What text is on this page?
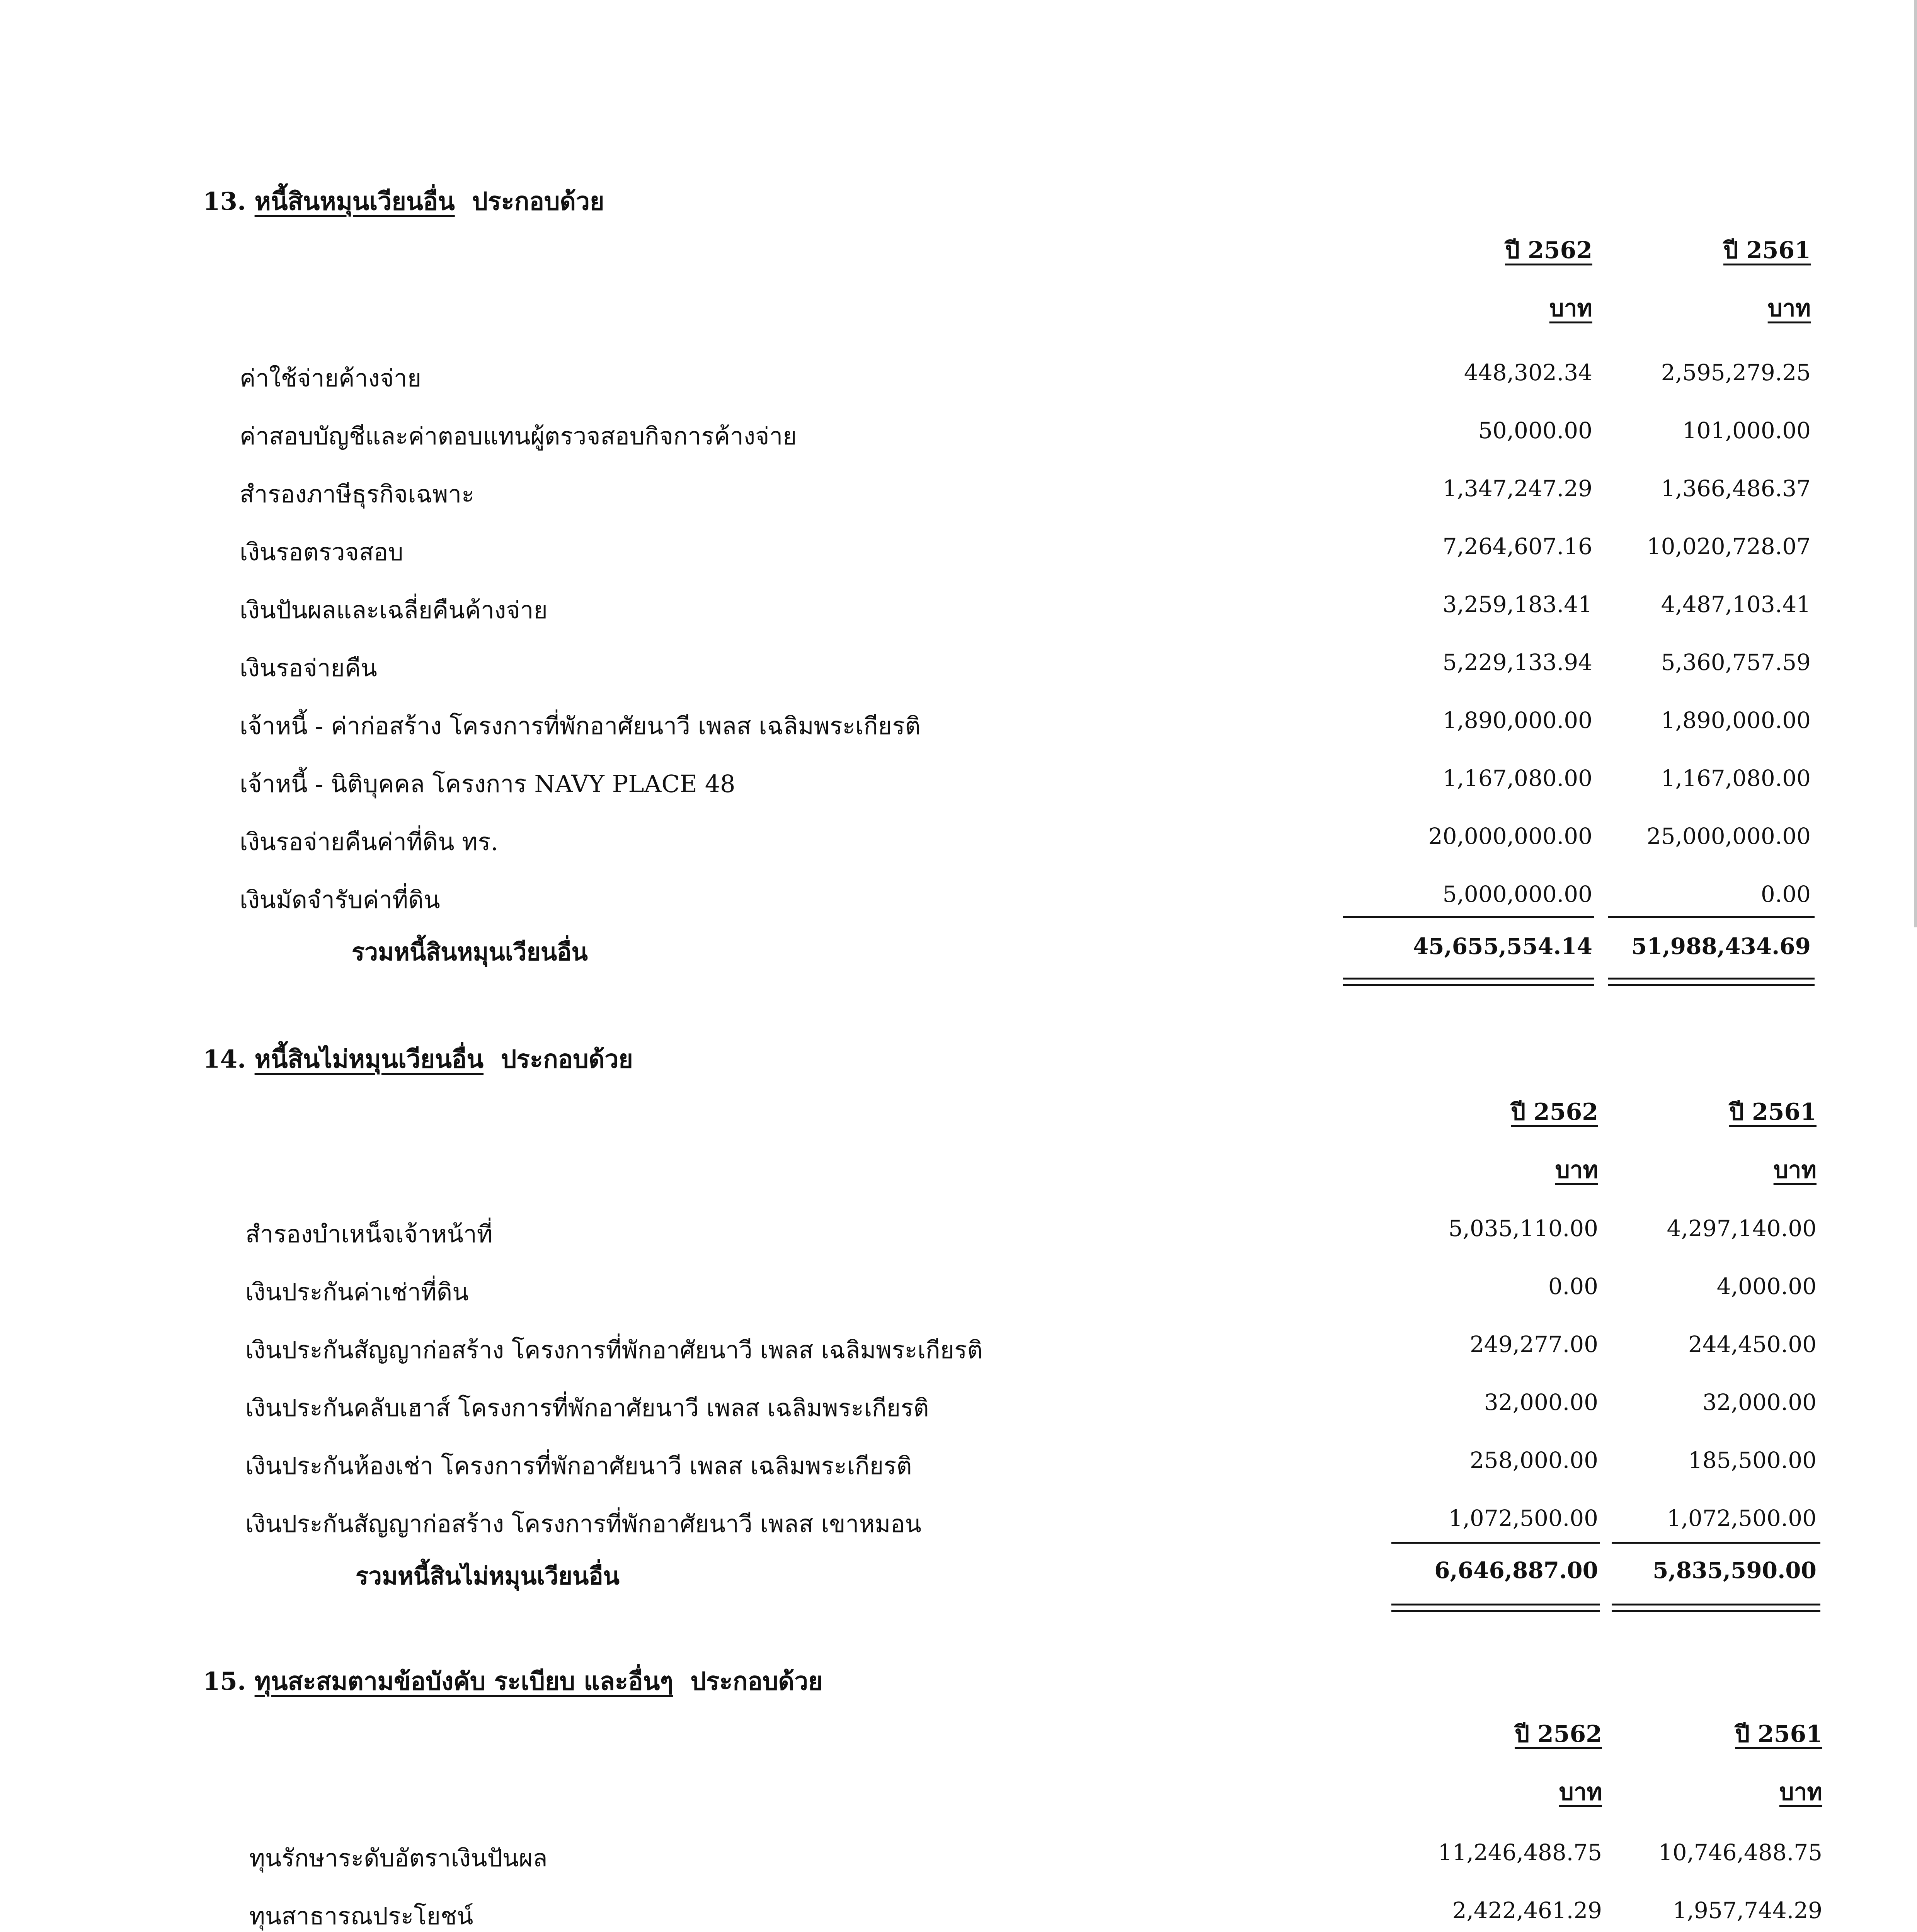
13. หนี้สินหมุนเวียนอื่น ประกอบด้วย
ปี 2562	ปี 2561
บาท	บาท
ค่าใช้จ่ายค้างจ่าย	448,302.34	2,595,279.25
ค่าสอบบัญชีและค่าตอบแทนผู้ตรวจสอบกิจการค้างจ่าย	50,000.00	101,000.00
สำรองภาษีธุรกิจเฉพาะ	1,347,247.29	1,366,486.37
เงินรอตรวจสอบ	7,264,607.16	10,020,728.07
เงินปันผลและเฉลี่ยคืนค้างจ่าย	3,259,183.41	4,487,103.41
เงินรอจ่ายคืน	5,229,133.94	5,360,757.59
เจ้าหนี้ - ค่าก่อสร้าง โครงการที่พักอาศัยนาวี เพลส เฉลิมพระเกียรติ	1,890,000.00	1,890,000.00
เจ้าหนี้ - นิติบุคคล โครงการ NAVY PLACE 48	1,167,080.00	1,167,080.00
เงินรอจ่ายคืนค่าที่ดิน ทร.	20,000,000.00	25,000,000.00
เงินมัดจำรับค่าที่ดิน	5,000,000.00	0.00
รวมหนี้สินหมุนเวียนอื่น	45,655,554.14	51,988,434.69
14. หนี้สินไม่หมุนเวียนอื่น ประกอบด้วย
ปี 2562	ปี 2561
บาท	บาท
สำรองบำเหน็จเจ้าหน้าที่	5,035,110.00	4,297,140.00
เงินประกันค่าเช่าที่ดิน	0.00	4,000.00
เงินประกันสัญญาก่อสร้าง โครงการที่พักอาศัยนาวี เพลส เฉลิมพระเกียรติ	249,277.00	244,450.00
เงินประกันคลับเฮาส์ โครงการที่พักอาศัยนาวี เพลส เฉลิมพระเกียรติ	32,000.00	32,000.00
เงินประกันห้องเช่า โครงการที่พักอาศัยนาวี เพลส เฉลิมพระเกียรติ	258,000.00	185,500.00
เงินประกันสัญญาก่อสร้าง โครงการที่พักอาศัยนาวี เพลส เขาหมอน	1,072,500.00	1,072,500.00
รวมหนี้สินไม่หมุนเวียนอื่น	6,646,887.00	5,835,590.00
15. ทุนสะสมตามข้อบังคับ ระเบียบ และอื่นๆ ประกอบด้วย
ปี 2562	ปี 2561
บาท	บาท
ทุนรักษาระดับอัตราเงินปันผล	11,246,488.75	10,746,488.75
ทุนสาธารณประโยชน์	2,422,461.29	1,957,744.29
